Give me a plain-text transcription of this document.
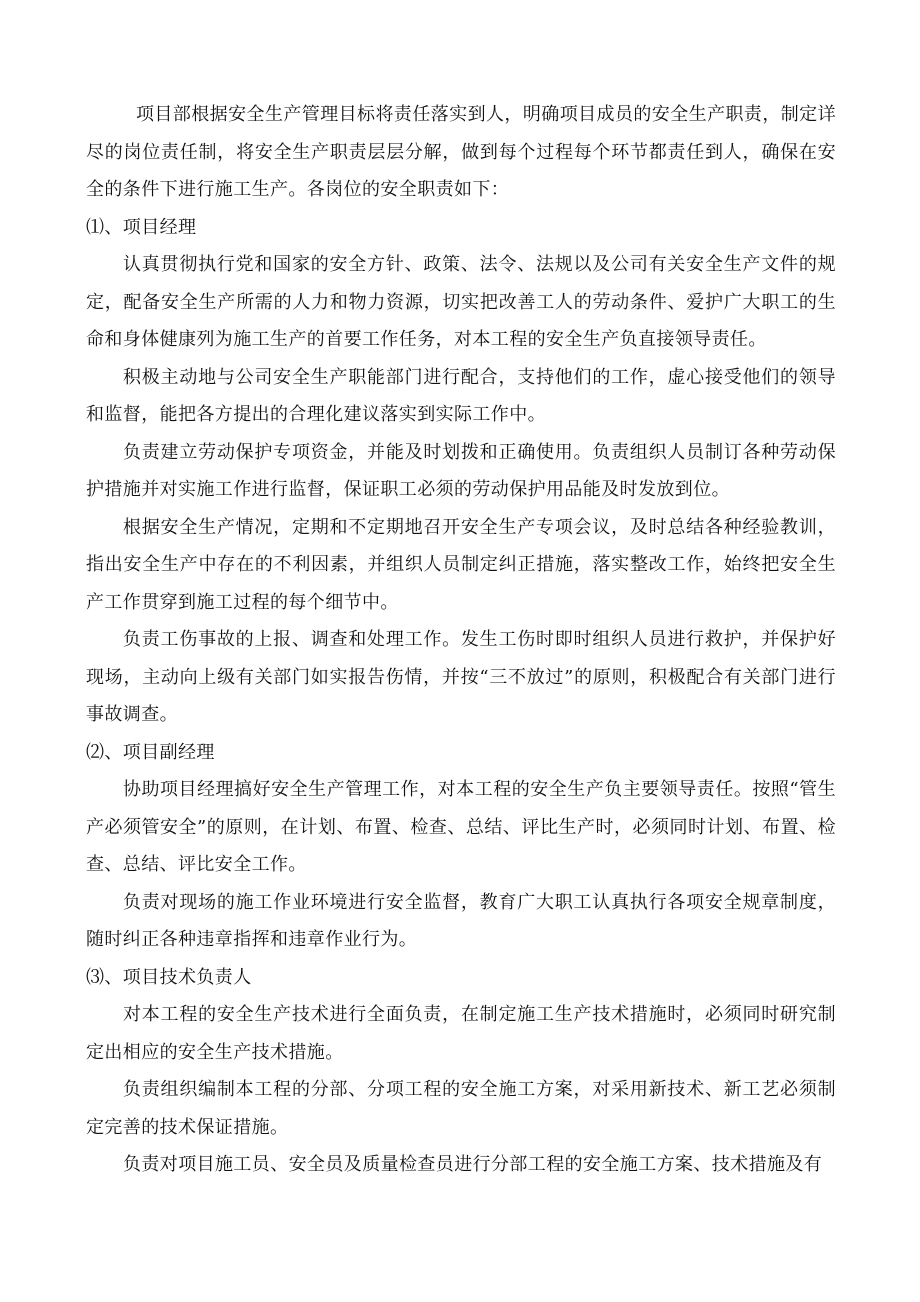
项目部根据安全生产管理目标将责任落实到人，明确项目成员的安全生产职责，制定详尽的岗位责任制，将安全生产职责层层分解，做到每个过程每个环节都责任到人，确保在安全的条件下进行施工生产。各岗位的安全职责如下：

⑴、项目经理

认真贯彻执行党和国家的安全方针、政策、法令、法规以及公司有关安全生产文件的规定，配备安全生产所需的人力和物力资源，切实把改善工人的劳动条件、爱护广大职工的生命和身体健康列为施工生产的首要工作任务，对本工程的安全生产负直接领导责任。

积极主动地与公司安全生产职能部门进行配合，支持他们的工作，虚心接受他们的领导和监督，能把各方提出的合理化建议落实到实际工作中。

负责建立劳动保护专项资金，并能及时划拨和正确使用。负责组织人员制订各种劳动保护措施并对实施工作进行监督，保证职工必须的劳动保护用品能及时发放到位。

根据安全生产情况，定期和不定期地召开安全生产专项会议，及时总结各种经验教训，指出安全生产中存在的不利因素，并组织人员制定纠正措施，落实整改工作，始终把安全生产工作贯穿到施工过程的每个细节中。

负责工伤事故的上报、调查和处理工作。发生工伤时即时组织人员进行救护，并保护好现场，主动向上级有关部门如实报告伤情，并按“三不放过”的原则，积极配合有关部门进行事故调查。

⑵、项目副经理

协助项目经理搞好安全生产管理工作，对本工程的安全生产负主要领导责任。按照“管生产必须管安全”的原则，在计划、布置、检查、总结、评比生产时，必须同时计划、布置、检查、总结、评比安全工作。

负责对现场的施工作业环境进行安全监督，教育广大职工认真执行各项安全规章制度，随时纠正各种违章指挥和违章作业行为。

⑶、项目技术负责人

对本工程的安全生产技术进行全面负责，在制定施工生产技术措施时，必须同时研究制定出相应的安全生产技术措施。

负责组织编制本工程的分部、分项工程的安全施工方案，对采用新技术、新工艺必须制定完善的技术保证措施。

负责对项目施工员、安全员及质量检查员进行分部工程的安全施工方案、技术措施及有
